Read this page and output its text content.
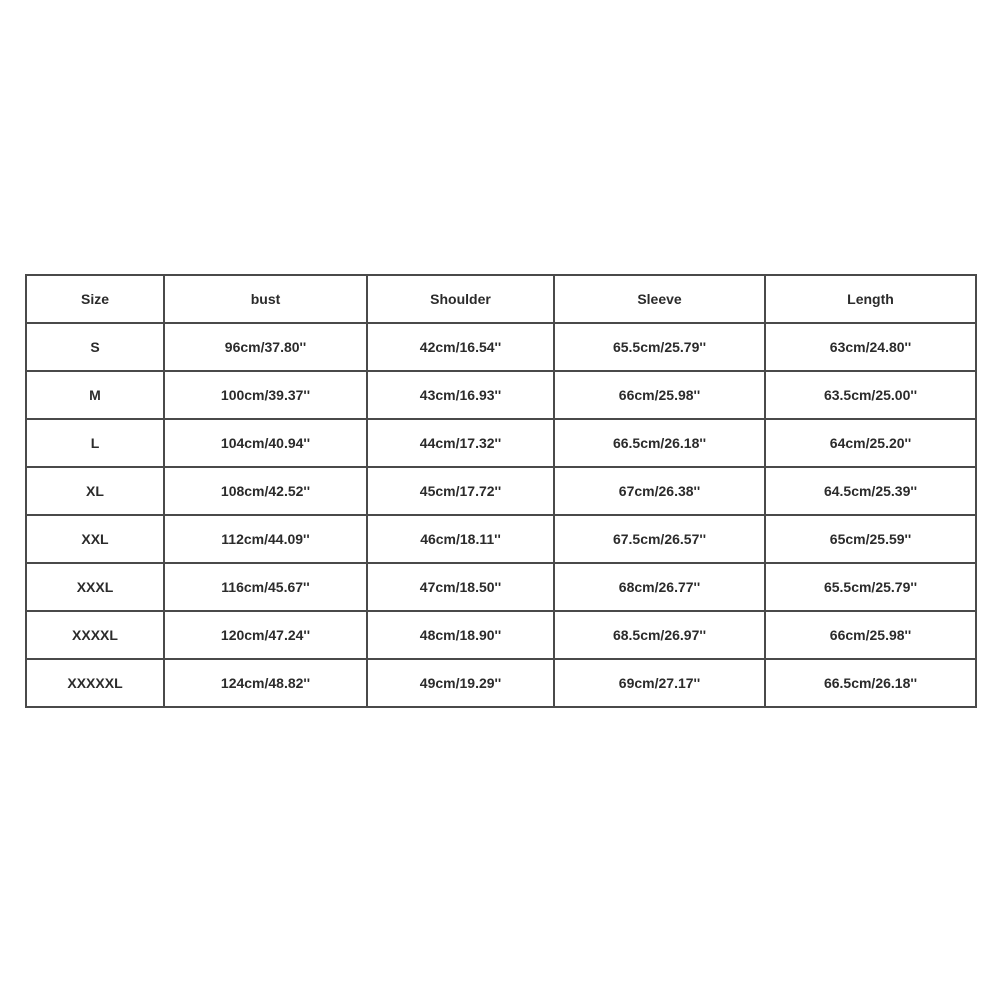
Size	bust	Shoulder	Sleeve	Length
S	96cm/37.80''	42cm/16.54''	65.5cm/25.79''	63cm/24.80''
M	100cm/39.37''	43cm/16.93''	66cm/25.98''	63.5cm/25.00''
L	104cm/40.94''	44cm/17.32''	66.5cm/26.18''	64cm/25.20''
XL	108cm/42.52''	45cm/17.72''	67cm/26.38''	64.5cm/25.39''
XXL	112cm/44.09''	46cm/18.11''	67.5cm/26.57''	65cm/25.59''
XXXL	116cm/45.67''	47cm/18.50''	68cm/26.77''	65.5cm/25.79''
XXXXL	120cm/47.24''	48cm/18.90''	68.5cm/26.97''	66cm/25.98''
XXXXXL	124cm/48.82''	49cm/19.29''	69cm/27.17''	66.5cm/26.18''
